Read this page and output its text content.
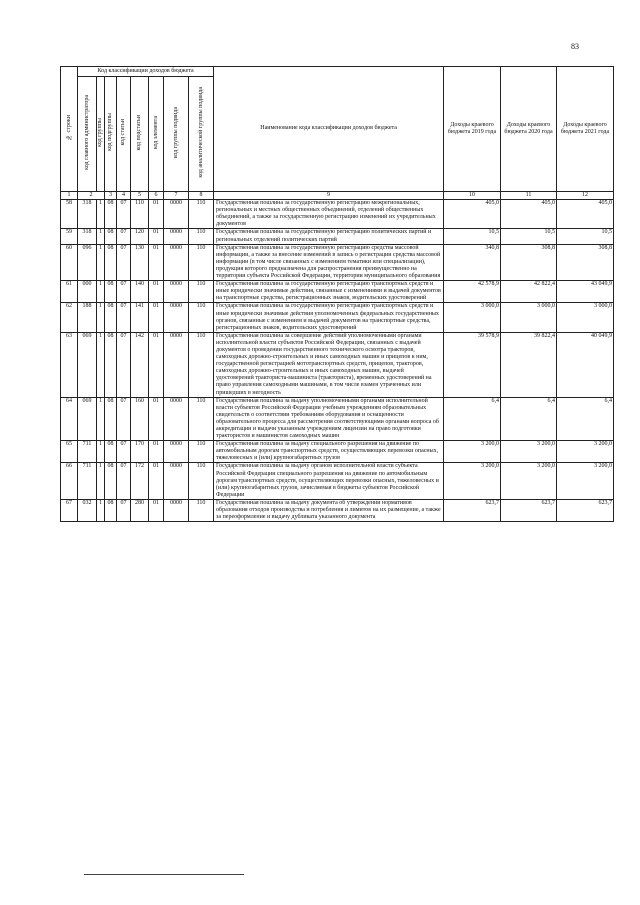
83
№ строки	Код классификации доходов бюджета								Наименование кода классификации доходов бюджета	Доходы краевого бюджета 2019 года	Доходы краевого бюджета 2020 года	Доходы краевого бюджета 2021 года
	код главного администратора	код группы	код подгруппы	код статьи	код подстатьи	код элемента	код группы подвида	код аналитической группы подвида				
1	2		3	4	5	6	7	8	9	10	11	12
58	318	1	08	07	110	01	0000	110	Государственная пошлина за государственную регистрацию межрегиональных, региональных и местных общественных объединений, отделений общественных объединений, а также за государственную регистрацию изменений их учредительных документов	405,0	405,0	405,0
59	318	1	08	07	120	01	0000	110	Государственная пошлина за государственную регистрацию политических партий и региональных отделений политических партий	10,5	10,5	10,5
60	096	1	08	07	130	01	0000	110	Государственная пошлина за государственную регистрацию средства массовой информации, а также за внесение изменений в запись о регистрации средства массовой информации (в том числе связанных с изменением тематики или специализации), продукция которого предназначена для распространения преимущественно на территории субъекта Российской Федерации, территории муниципального образования	340,8	308,8	308,8
61	000	1	08	07	140	01	0000	110	Государственная пошлина за государственную регистрацию транспортных средств и иные юридически значимые действия, связанные с изменениями и выдачей документов на транспортные средства, регистрационных знаков, водительских удостоверений	42 578,9	42 822,4	43 049,9
62	188	1	08	07	141	01	0000	110	Государственная пошлина за государственную регистрацию транспортных средств и иные юридически значимые действия уполномоченных федеральных государственных органов, связанные с изменением и выдачей документов на транспортные средства, регистрационных знаков, водительских удостоверений	3 000,0	3 000,0	3 000,0
63	069	1	08	07	142	01	0000	110	Государственная пошлина за совершение действий уполномоченными органами исполнительной власти субъектов Российской Федерации, связанных с выдачей документов о проведении государственного технического осмотра тракторов, самоходных дорожно-строительных и иных самоходных машин и прицепов к ним, государственной регистрацией мототранспортных средств, прицепов, тракторов, самоходных дорожно-строительных и иных самоходных машин, выдачей удостоверений тракториста-машиниста (тракториста), временных удостоверений на право управления самоходными машинами, в том числе взамен утраченных или пришедших в негодность	39 578,9	39 822,4	40 049,9
64	069	1	08	07	160	01	0000	110	Государственная пошлина за выдачу уполномоченными органами исполнительной власти субъектов Российской Федерации учебным учреждениям образовательных свидетельств о соответствии требованиям оборудования и оснащенности образовательного процесса для рассмотрения соответствующими органами вопроса об аккредитации и выдачи указанным учреждениям лицензии на право подготовки трактористов и машинистов самоходных машин	6,4	6,4	6,4
65	711	1	08	07	170	01	0000	110	Государственная пошлина за выдачу специального разрешения на движение по автомобильным дорогам транспортных средств, осуществляющих перевозки опасных, тяжеловесных и (или) крупногабаритных грузов	3 200,0	3 200,0	3 200,0
66	711	1	08	07	172	01	0000	110	Государственная пошлина за выдачу органом исполнительной власти субъекта Российской Федерации специального разрешения на движение по автомобильным дорогам транспортных средств, осуществляющих перевозки опасных, тяжеловесных и (или) крупногабаритных грузов, зачисляемая в бюджеты субъектов Российской Федерации	3 200,0	3 200,0	3 200,0
67	032	1	08	07	280	01	0000	110	Государственная пошлина за выдачу документа об утверждении нормативов образования отходов производства и потребления и лимитов на их размещение, а также за переоформление и выдачу дубликата указанного документа	623,7	623,7	623,7
